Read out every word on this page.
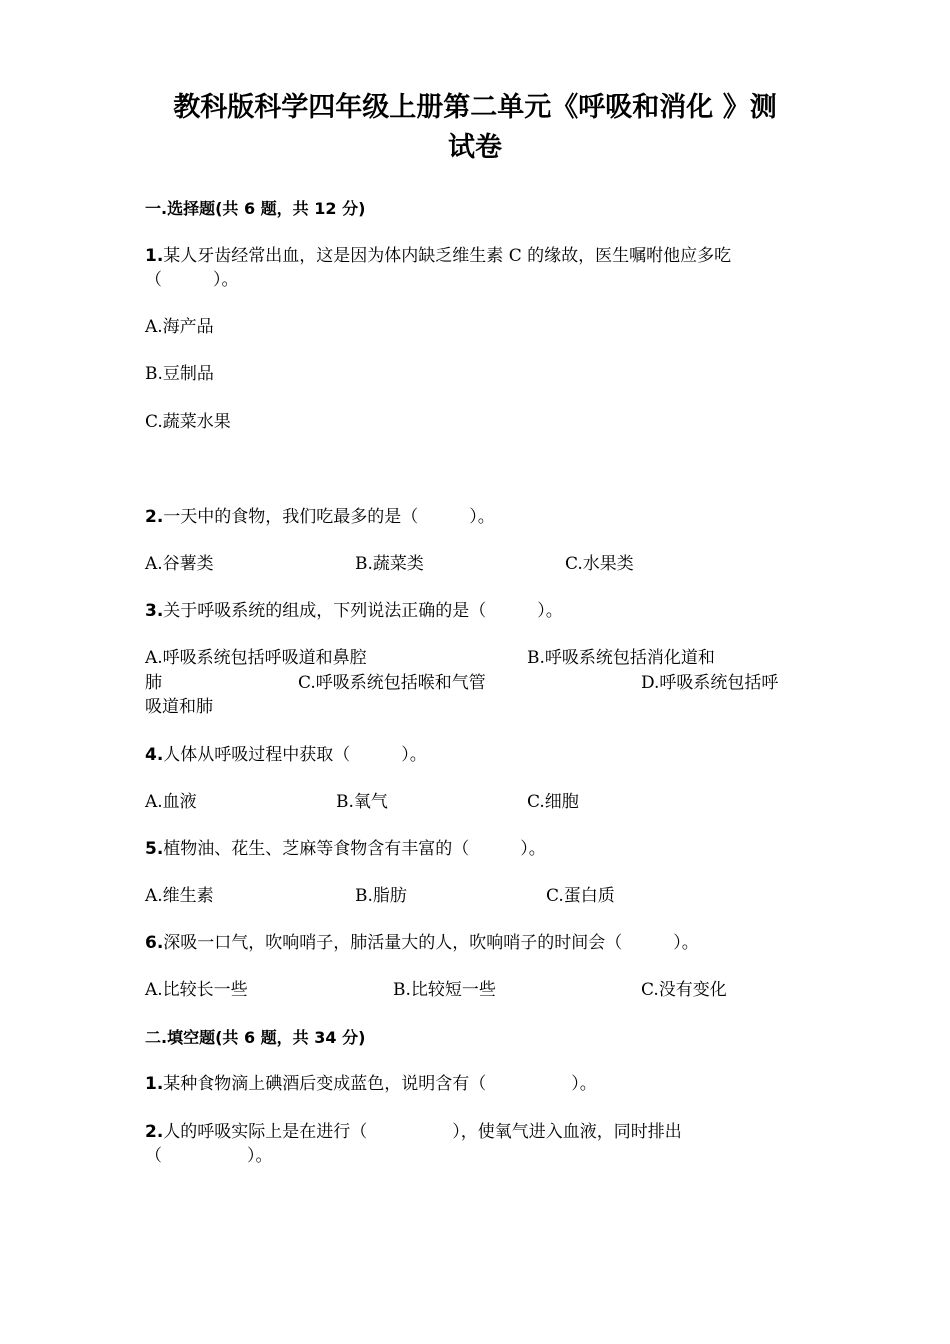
教科版科学四年级上册第二单元《呼吸和消化 》测
试卷
一.选择题(共 6 题，共 12 分)
1.某人牙齿经常出血，这是因为体内缺乏维生素 C 的缘故，医生嘱咐他应多吃
（　　　）。
A.海产品
B.豆制品
C.蔬菜水果
2.一天中的食物，我们吃最多的是（　　　）。
A.谷薯类	B.蔬菜类	C.水果类
3.关于呼吸系统的组成，下列说法正确的是（　　　）。
A.呼吸系统包括呼吸道和鼻腔	B.呼吸系统包括消化道和
肺	C.呼吸系统包括喉和气管	D.呼吸系统包括呼
吸道和肺
4.人体从呼吸过程中获取（　　　）。
A.血液	B.氧气	C.细胞
5.植物油、花生、芝麻等食物含有丰富的（　　　）。
A.维生素	B.脂肪	C.蛋白质
6.深吸一口气，吹响哨子，肺活量大的人，吹响哨子的时间会（　　　）。
A.比较长一些	B.比较短一些	C.没有变化
二.填空题(共 6 题，共 34 分)
1.某种食物滴上碘酒后变成蓝色，说明含有（　　　　　）。
2.人的呼吸实际上是在进行（　　　　　），使氧气进入血液，同时排出
（　　　　　）。
